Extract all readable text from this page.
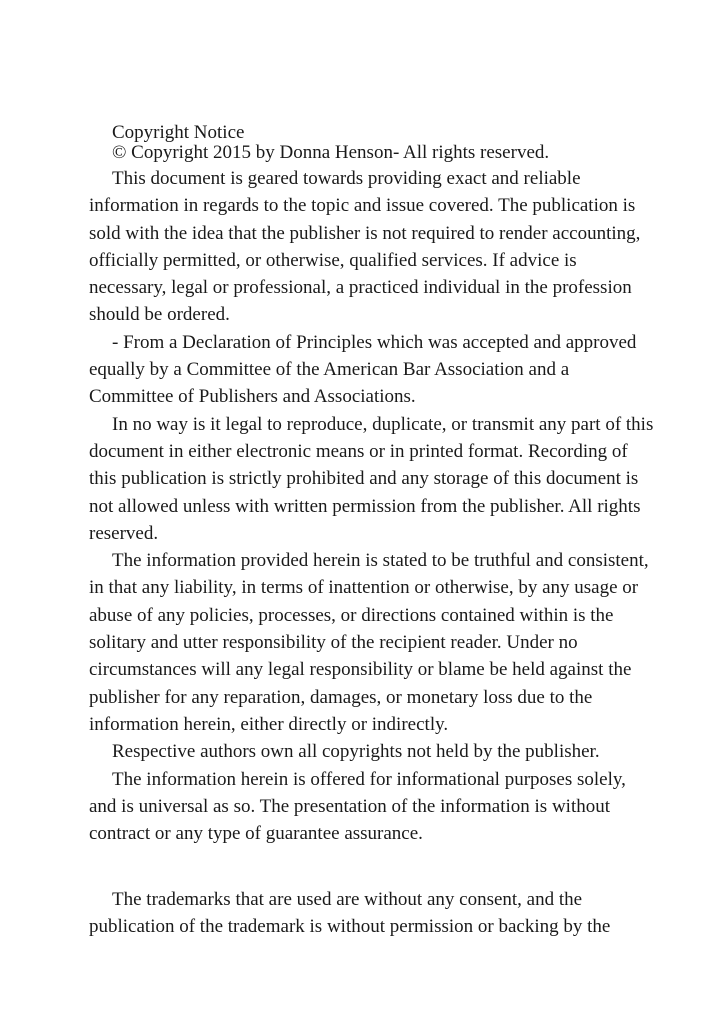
Copyright Notice
© Copyright 2015 by Donna Henson- All rights reserved.
This document is geared towards providing exact and reliable
information in regards to the topic and issue covered. The publication is
sold with the idea that the publisher is not required to render accounting,
officially permitted, or otherwise, qualified services. If advice is
necessary, legal or professional, a practiced individual in the profession
should be ordered.
- From a Declaration of Principles which was accepted and approved
equally by a Committee of the American Bar Association and a
Committee of Publishers and Associations.
In no way is it legal to reproduce, duplicate, or transmit any part of this
document in either electronic means or in printed format. Recording of
this publication is strictly prohibited and any storage of this document is
not allowed unless with written permission from the publisher. All rights
reserved.
The information provided herein is stated to be truthful and consistent,
in that any liability, in terms of inattention or otherwise, by any usage or
abuse of any policies, processes, or directions contained within is the
solitary and utter responsibility of the recipient reader. Under no
circumstances will any legal responsibility or blame be held against the
publisher for any reparation, damages, or monetary loss due to the
information herein, either directly or indirectly.
Respective authors own all copyrights not held by the publisher.
The information herein is offered for informational purposes solely,
and is universal as so. The presentation of the information is without
contract or any type of guarantee assurance.
The trademarks that are used are without any consent, and the
publication of the trademark is without permission or backing by the
